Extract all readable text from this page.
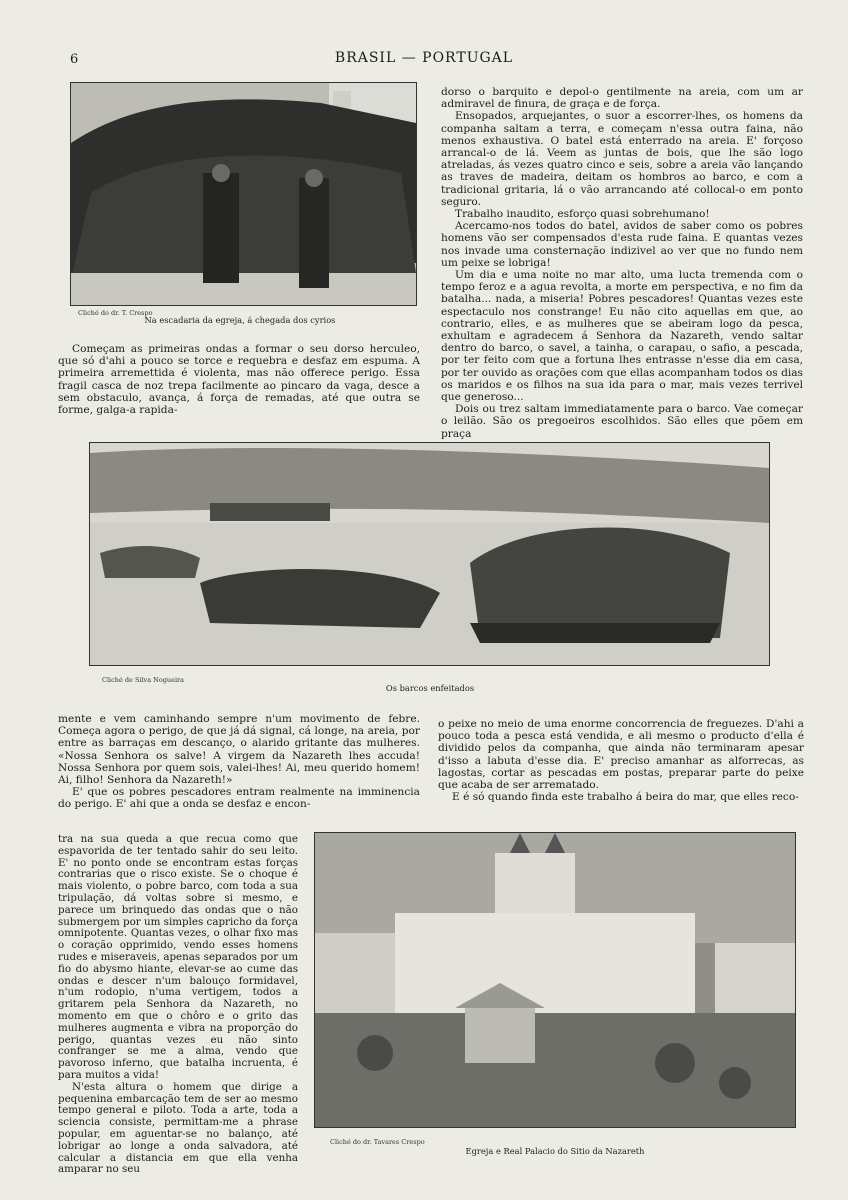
6	BRASIL — PORTUGAL
Cliché do dr. T. Crespo
Na escadaria da egreja, á chegada dos cyrios

Começam as primeiras ondas a formar o seu dorso herculeo, que só d'ahi a pouco se torce e requebra e desfaz em espuma. A primeira arremettida é violenta, mas não offerece perigo. Essa fragil casca de noz trepa facilmente ao pincaro da vaga, desce a sem obstaculo, avança, á força de remadas, até que outra se forme, galga-a rapida-

dorso o barquito e depol-o gentilmente na areia, com um ar admiravel de finura, de graça e de força.

Ensopados, arquejantes, o suor a escorrer-lhes, os homens da companha saltam a terra, e começam n'essa outra faina, não menos exhaustiva. O batel está enterrado na areia. E' forçoso arrancal-o de lá. Veem as juntas de bois, que lhe são logo atreladas, ás vezes quatro cinco e seis, sobre a areia vão lançando as traves de madeira, deitam os hombros ao barco, e com a tradicional gritaria, lá o vão arrancando até collocal-o em ponto seguro.

Trabalho inaudito, esforço quasi sobrehumano!

Acercamo-nos todos do batel, avidos de saber como os pobres homens vão ser compensados d'esta rude faina. E quantas vezes nos invade uma consternação indizivel ao ver que no fundo nem um peixe se lobriga!

Um dia e uma noite no mar alto, uma lucta tremenda com o tempo feroz e a agua revolta, a morte em perspectiva, e no fim da batalha... nada, a miseria! Pobres pescadores! Quantas vezes este espectaculo nos constrange! Eu não cito aquellas em que, ao contrario, elles, e as mulheres que se abeiram logo da pesca, exhultam e agradecem á Senhora da Nazareth, vendo saltar dentro do barco, o savel, a tainha, o carapau, o safio, a pescada, por ter feito com que a fortuna lhes entrasse n'esse dia em casa, por ter ouvido as orações com que ellas acompanham todos os dias os maridos e os filhos na sua ida para o mar, mais vezes terrivel que generoso...

Dois ou trez saltam immediatamente para o barco. Vae começar o leilão. São os pregoeiros escolhidos. São elles que põem em praça

Cliché de Silva Nogueira
Os barcos enfeitados

mente e vem caminhando sempre n'um movimento de febre. Começa agora o perigo, de que já dá signal, cá longe, na areia, por entre as barraças em descanço, o alarido gritante das mulheres. «Nossa Senhora os salve! A virgem da Nazareth lhes accuda! Nossa Senhora por quem sois, valei-lhes! Ai, meu querido homem! Ai, filho! Senhora da Nazareth!»

E' que os pobres pescadores entram realmente na imminencia do perigo. E' ahi que a onda se desfaz e encon-

tra na sua queda a que recua como que espavorida de ter tentado sahir do seu leito. E' no ponto onde se encontram estas forças contrarias que o risco existe. Se o choque é mais violento, o pobre barco, com toda a sua tripulação, dá voltas sobre si mesmo, e parece um brinquedo das ondas que o não submergem por um simples capricho da força omnipotente. Quantas vezes, o olhar fixo mas o coração opprimido, vendo esses homens rudes e miseraveis, apenas separados por um fio do abysmo hiante, elevar-se ao cume das ondas e descer n'um balouço formidavel, n'um rodopio, n'uma vertigem, todos a gritarem pela Senhora da Nazareth, no momento em que o chôro e o grito das mulheres augmenta e vibra na proporção do perigo, quantas vezes eu não sinto confranger se me a alma, vendo que pavoroso inferno, que batalha incruenta, é para muitos a vida!

N'esta altura o homem que dirige a pequenina embarcação tem de ser ao mesmo tempo general e piloto. Toda a arte, toda a sciencia consiste, permittam-me a phrase popular, em aguentar-se no balanço, até lobrigar ao longe a onda salvadora, até calcular a distancia em que ella venha amparar no seu

o peixe no meio de uma enorme concorrencia de freguezes. D'ahi a pouco toda a pesca está vendida, e ali mesmo o producto d'ella é dividido pelos da companha, que ainda não terminaram apesar d'isso a labuta d'esse dia. E' preciso amanhar as alforrecas, as lagostas, cortar as pescadas em postas, preparar parte do peixe que acaba de ser arrematado.

E é só quando finda este trabalho á beira do mar, que elles reco-

Cliché do dr. Tavares Crespo
Egreja e Real Palacio do Sitio da Nazareth
